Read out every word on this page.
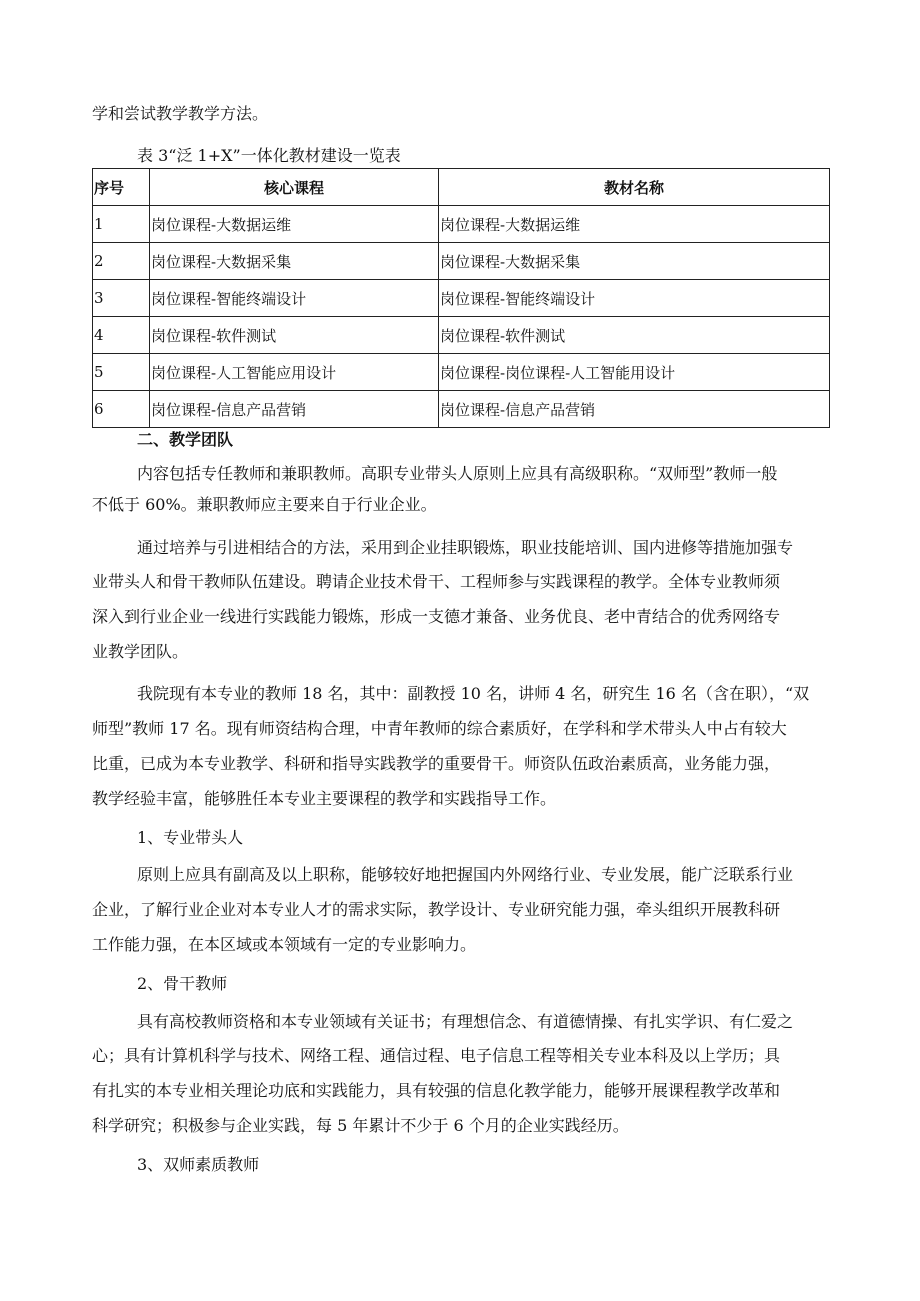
学和尝试教学教学方法。
表 3“泛 1+X”一体化教材建设一览表
序号	核心课程	教材名称
1	岗位课程-大数据运维	岗位课程-大数据运维
2	岗位课程-大数据采集	岗位课程-大数据采集
3	岗位课程-智能终端设计	岗位课程-智能终端设计
4	岗位课程-软件测试	岗位课程-软件测试
5	岗位课程-人工智能应用设计	岗位课程-岗位课程-人工智能用设计
6	岗位课程-信息产品营销	岗位课程-信息产品营销
二、教学团队
内容包括专任教师和兼职教师。高职专业带头人原则上应具有高级职称。“双师型”教师一般
不低于 60%。兼职教师应主要来自于行业企业。
通过培养与引进相结合的方法，采用到企业挂职锻炼，职业技能培训、国内进修等措施加强专
业带头人和骨干教师队伍建设。聘请企业技术骨干、工程师参与实践课程的教学。全体专业教师须
深入到行业企业一线进行实践能力锻炼，形成一支德才兼备、业务优良、老中青结合的优秀网络专
业教学团队。
我院现有本专业的教师 18 名，其中：副教授 10 名，讲师 4 名，研究生 16 名（含在职），“双
师型”教师 17 名。现有师资结构合理，中青年教师的综合素质好，在学科和学术带头人中占有较大
比重，已成为本专业教学、科研和指导实践教学的重要骨干。师资队伍政治素质高，业务能力强，
教学经验丰富，能够胜任本专业主要课程的教学和实践指导工作。
1、专业带头人
原则上应具有副高及以上职称，能够较好地把握国内外网络行业、专业发展，能广泛联系行业
企业，了解行业企业对本专业人才的需求实际，教学设计、专业研究能力强，牵头组织开展教科研
工作能力强，在本区域或本领域有一定的专业影响力。
2、骨干教师
具有高校教师资格和本专业领域有关证书；有理想信念、有道德情操、有扎实学识、有仁爱之
心；具有计算机科学与技术、网络工程、通信过程、电子信息工程等相关专业本科及以上学历；具
有扎实的本专业相关理论功底和实践能力，具有较强的信息化教学能力，能够开展课程教学改革和
科学研究；积极参与企业实践，每 5 年累计不少于 6 个月的企业实践经历。
3、双师素质教师
